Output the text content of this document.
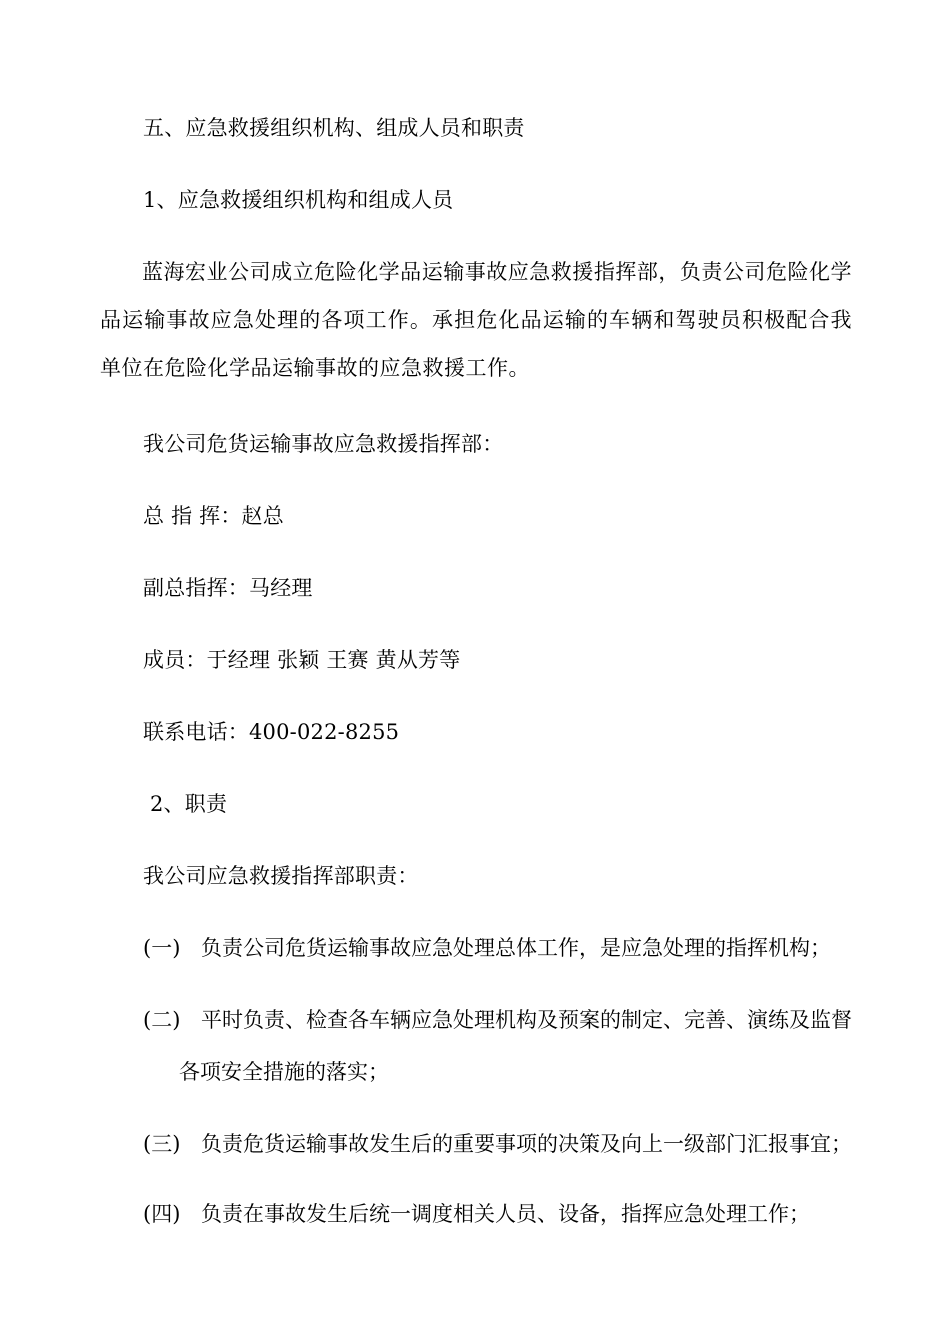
五、应急救援组织机构、组成人员和职责
1、应急救援组织机构和组成人员
蓝海宏业公司成立危险化学品运输事故应急救援指挥部，负责公司危险化学品运输事故应急处理的各项工作。承担危化品运输的车辆和驾驶员积极配合我单位在危险化学品运输事故的应急救援工作。
我公司危货运输事故应急救援指挥部：
总 指 挥：赵总
副总指挥：马经理
成员：于经理 张颖 王赛 黄从芳等
联系电话：400-022-8255
2、职责
我公司应急救援指挥部职责：
(一) 负责公司危货运输事故应急处理总体工作，是应急处理的指挥机构；
(二) 平时负责、检查各车辆应急处理机构及预案的制定、完善、演练及监督
各项安全措施的落实；
(三) 负责危货运输事故发生后的重要事项的决策及向上一级部门汇报事宜；
(四) 负责在事故发生后统一调度相关人员、设备，指挥应急处理工作；
